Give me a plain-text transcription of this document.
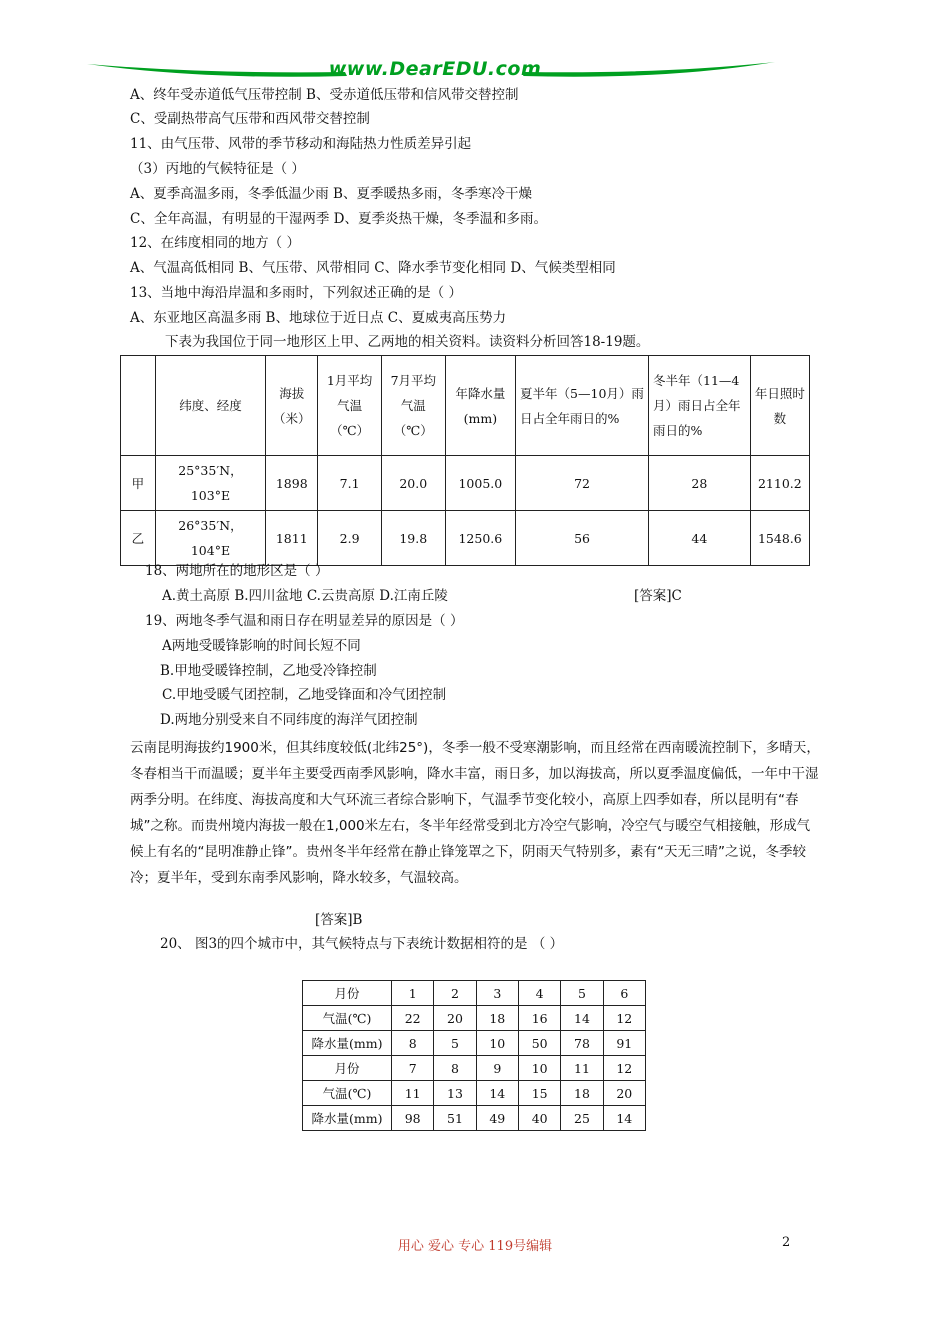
www.DearEDU.com
A、终年受赤道低气压带控制 B、受赤道低压带和信风带交替控制
C、受副热带高气压带和西风带交替控制
11、由气压带、风带的季节移动和海陆热力性质差异引起
（3）丙地的气候特征是（ ）
A、夏季高温多雨，冬季低温少雨 B、夏季暖热多雨，冬季寒冷干燥
C、全年高温，有明显的干湿两季 D、夏季炎热干燥，冬季温和多雨。
12、在纬度相同的地方（ ）
A、气温高低相同 B、气压带、风带相同 C、降水季节变化相同 D、气候类型相同
13、当地中海沿岸温和多雨时，下列叙述正确的是（ ）
A、东亚地区高温多雨 B、地球位于近日点 C、夏威夷高压势力
下表为我国位于同一地形区上甲、乙两地的相关资料。读资料分析回答18-19题。
	纬度、经度	海拔（米）	1月平均气温（℃）	7月平均气温（℃）	年降水量(mm)	夏半年（5—10月）雨日占全年雨日的%	冬半年（11—4月）雨日占全年雨日的%	年日照时数
甲	25°35′N，103°E	1898	7.1	20.0	1005.0	72	28	2110.2
乙	26°35′N，104°E	1811	2.9	19.8	1250.6	56	44	1548.6
18、两地所在的地形区是（ ）
A.黄土高原 B.四川盆地 C.云贵高原 D.江南丘陵	[答案]C
19、两地冬季气温和雨日存在明显差异的原因是（ ）
A两地受暖锋影响的时间长短不同
B.甲地受暖锋控制，乙地受冷锋控制
C.甲地受暖气团控制，乙地受锋面和冷气团控制
D.两地分别受来自不同纬度的海洋气团控制
云南昆明海拔约1900米，但其纬度较低(北纬25°)，冬季一般不受寒潮影响，而且经常在西南暖流控制下，多晴天，冬春相当干而温暖；夏半年主要受西南季风影响，降水丰富，雨日多，加以海拔高，所以夏季温度偏低，一年中干湿两季分明。在纬度、海拔高度和大气环流三者综合影响下，气温季节变化较小，高原上四季如春，所以昆明有“春城”之称。而贵州境内海拔一般在1,000米左右，冬半年经常受到北方冷空气影响，冷空气与暖空气相接触，形成气候上有名的“昆明准静止锋”。贵州冬半年经常在静止锋笼罩之下，阴雨天气特别多，素有“天无三晴”之说，冬季较冷；夏半年，受到东南季风影响，降水较多，气温较高。
[答案]B
20、 图3的四个城市中，其气候特点与下表统计数据相符的是 （ ）
月份	1	2	3	4	5	6
气温(℃)	22	20	18	16	14	12
降水量(mm)	8	5	10	50	78	91
月份	7	8	9	10	11	12
气温(℃)	11	13	14	15	18	20
降水量(mm)	98	51	49	40	25	14
用心 爱心 专心 119号编辑	2
